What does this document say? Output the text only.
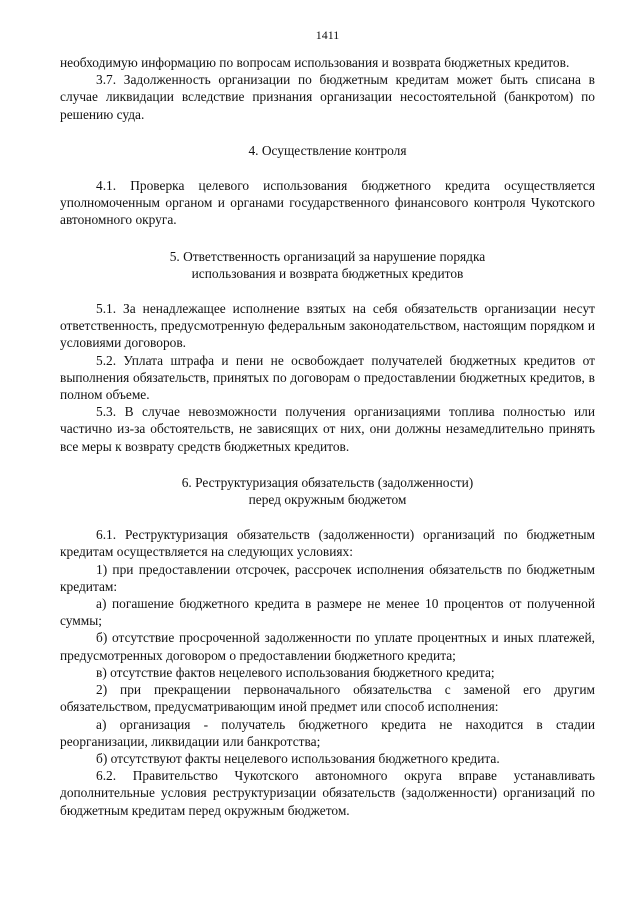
1411

необходимую информацию по вопросам использования и возврата бюджетных кредитов.

3.7. Задолженность организации по бюджетным кредитам может быть списана в случае ликвидации вследствие признания организации несостоятельной (банкротом) по решению суда.

4. Осуществление контроля

4.1. Проверка целевого использования бюджетного кредита осуществляется уполномоченным органом и органами государственного финансового контроля Чукотского автономного округа.

5. Ответственность организаций за нарушение порядка
использования и возврата бюджетных кредитов

5.1. За ненадлежащее исполнение взятых на себя обязательств организации несут ответственность, предусмотренную федеральным законодательством, настоящим порядком и условиями договоров.

5.2. Уплата штрафа и пени не освобождает получателей бюджетных кредитов от выполнения обязательств, принятых по договорам о предоставлении бюджетных кредитов, в полном объеме.

5.3. В случае невозможности получения организациями топлива полностью или частично из-за обстоятельств, не зависящих от них, они должны незамедлительно принять все меры к возврату средств бюджетных кредитов.

6. Реструктуризация обязательств (задолженности)
перед окружным бюджетом

6.1. Реструктуризация обязательств (задолженности) организаций по бюджетным кредитам осуществляется на следующих условиях:

1) при предоставлении отсрочек, рассрочек исполнения обязательств по бюджетным кредитам:

а) погашение бюджетного кредита в размере не менее 10 процентов от полученной суммы;

б) отсутствие просроченной задолженности по уплате процентных и иных платежей, предусмотренных договором о предоставлении бюджетного кредита;

в) отсутствие фактов нецелевого использования бюджетного кредита;

2) при прекращении первоначального обязательства с заменой его другим обязательством, предусматривающим иной предмет или способ исполнения:

а) организация - получатель бюджетного кредита не находится в стадии реорганизации, ликвидации или банкротства;

б) отсутствуют факты нецелевого использования бюджетного кредита.

6.2. Правительство Чукотского автономного округа вправе устанавливать дополнительные условия реструктуризации обязательств (задолженности) организаций по бюджетным кредитам перед окружным бюджетом.
